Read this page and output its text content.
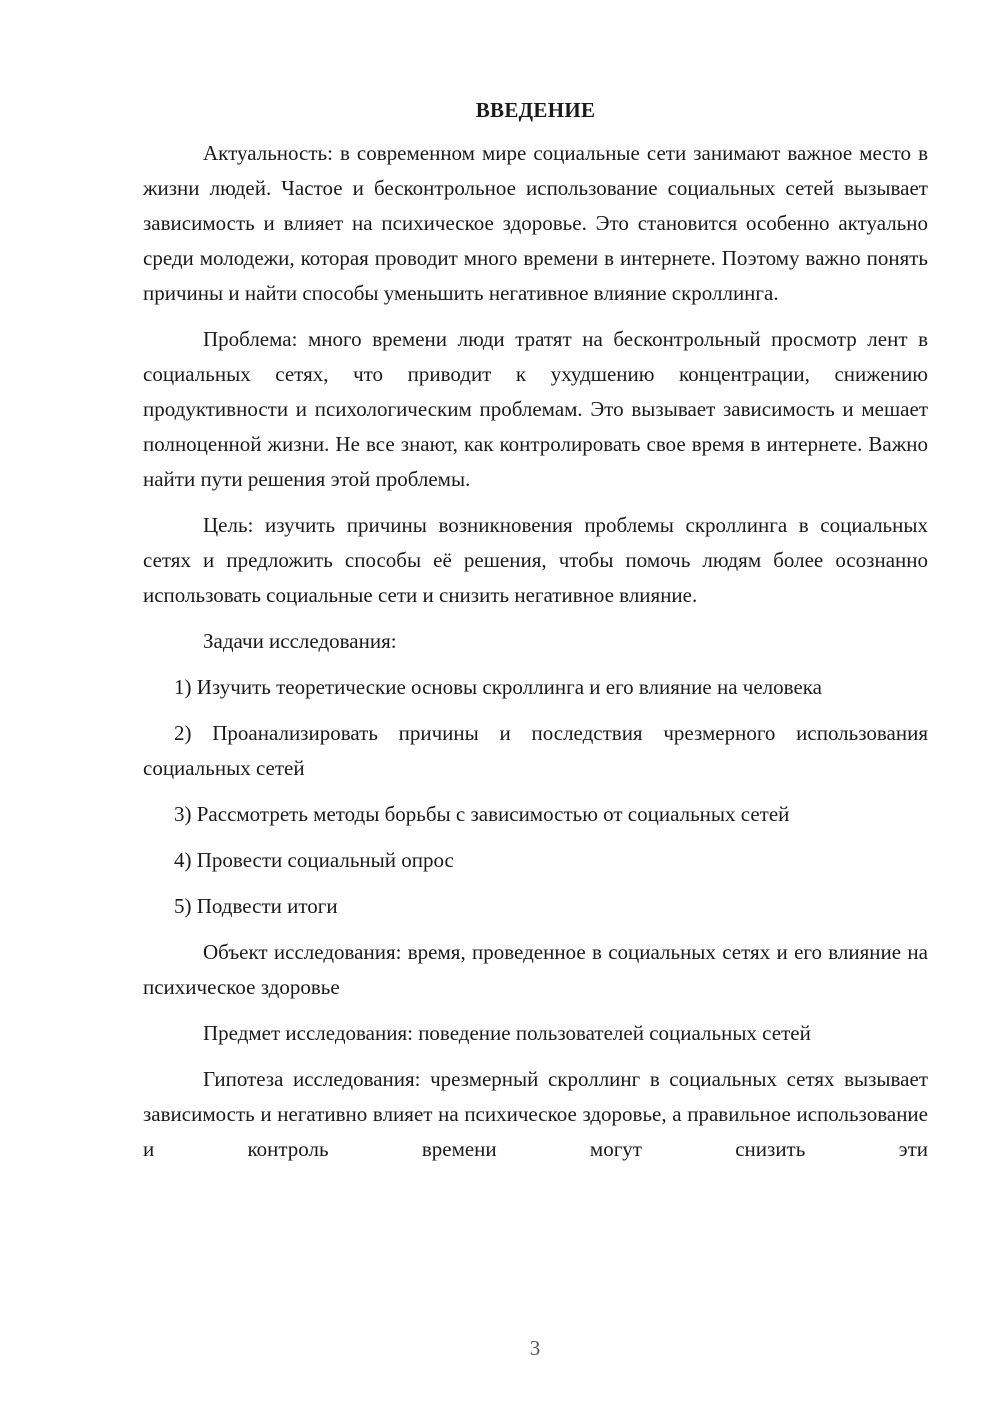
ВВЕДЕНИЕ

Актуальность: в современном мире социальные сети занимают важное место в жизни людей. Частое и бесконтрольное использование социальных сетей вызывает зависимость и влияет на психическое здоровье. Это становится особенно актуально среди молодежи, которая проводит много времени в интернете. Поэтому важно понять причины и найти способы уменьшить негативное влияние скроллинга.

Проблема: много времени люди тратят на бесконтрольный просмотр лент в социальных сетях, что приводит к ухудшению концентрации, снижению продуктивности и психологическим проблемам. Это вызывает зависимость и мешает полноценной жизни. Не все знают, как контролировать свое время в интернете. Важно найти пути решения этой проблемы.

Цель: изучить причины возникновения проблемы скроллинга в социальных сетях и предложить способы её решения, чтобы помочь людям более осознанно использовать социальные сети и снизить негативное влияние.

Задачи исследования:

1) Изучить теоретические основы скроллинга и его влияние на человека

2) Проанализировать причины и последствия чрезмерного использования социальных сетей

3) Рассмотреть методы борьбы с зависимостью от социальных сетей

4) Провести социальный опрос

5) Подвести итоги

Объект исследования: время, проведенное в социальных сетях и его влияние на психическое здоровье

Предмет исследования: поведение пользователей социальных сетей

Гипотеза исследования: чрезмерный скроллинг в социальных сетях вызывает зависимость и негативно влияет на психическое здоровье, а правильное использование и контроль времени могут снизить эти

3
